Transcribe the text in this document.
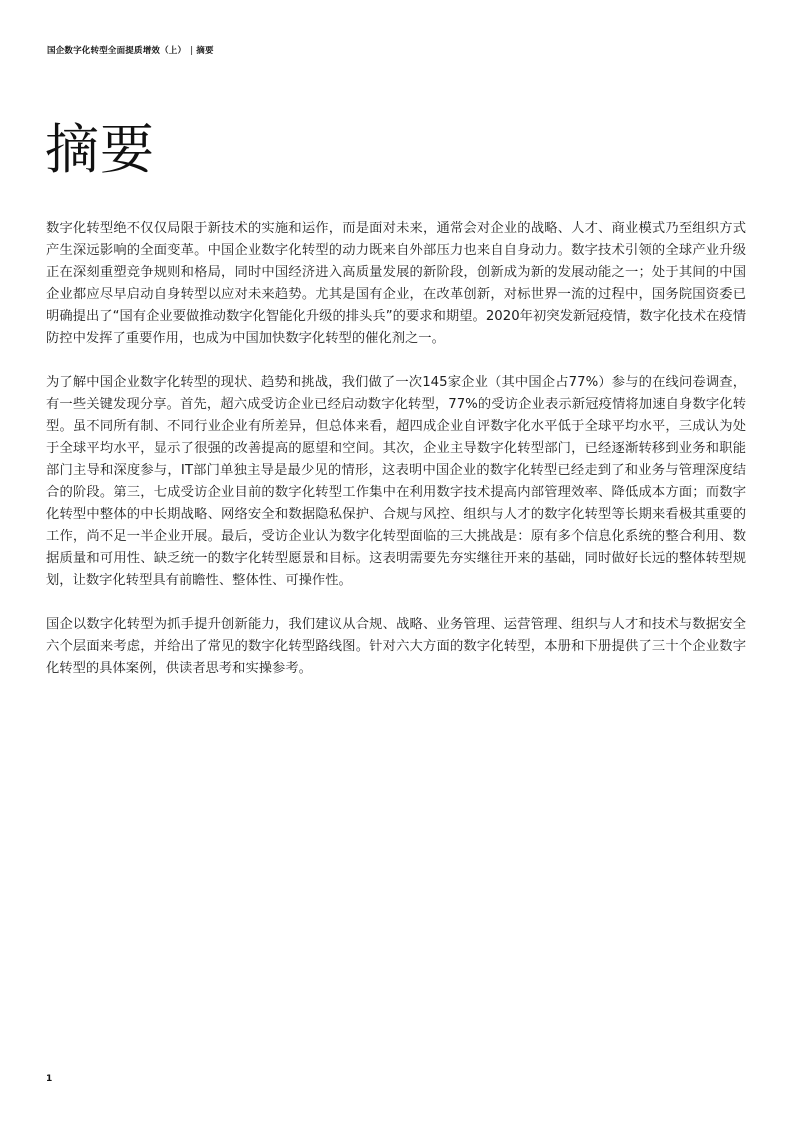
国企数字化转型全面提质增效（上） | 摘要
摘要

数字化转型绝不仅仅局限于新技术的实施和运作，而是面对未来，通常会对企业的战略、人才、商业模式乃至组织方式产生深远影响的全面变革。中国企业数字化转型的动力既来自外部压力也来自自身动力。数字技术引领的全球产业升级正在深刻重塑竞争规则和格局，同时中国经济进入高质量发展的新阶段，创新成为新的发展动能之一；处于其间的中国企业都应尽早启动自身转型以应对未来趋势。尤其是国有企业，在改革创新，对标世界一流的过程中，国务院国资委已明确提出了“国有企业要做推动数字化智能化升级的排头兵”的要求和期望。2020年初突发新冠疫情，数字化技术在疫情防控中发挥了重要作用，也成为中国加快数字化转型的催化剂之一。

为了解中国企业数字化转型的现状、趋势和挑战，我们做了一次145家企业（其中国企占77%）参与的在线问卷调查，有一些关键发现分享。首先，超六成受访企业已经启动数字化转型，77%的受访企业表示新冠疫情将加速自身数字化转型。虽不同所有制、不同行业企业有所差异，但总体来看，超四成企业自评数字化水平低于全球平均水平，三成认为处于全球平均水平，显示了很强的改善提高的愿望和空间。其次，企业主导数字化转型部门，已经逐渐转移到业务和职能部门主导和深度参与，IT部门单独主导是最少见的情形，这表明中国企业的数字化转型已经走到了和业务与管理深度结合的阶段。第三，七成受访企业目前的数字化转型工作集中在利用数字技术提高内部管理效率、降低成本方面；而数字化转型中整体的中长期战略、网络安全和数据隐私保护、合规与风控、组织与人才的数字化转型等长期来看极其重要的工作，尚不足一半企业开展。最后，受访企业认为数字化转型面临的三大挑战是：原有多个信息化系统的整合利用、数据质量和可用性、缺乏统一的数字化转型愿景和目标。这表明需要先夯实继往开来的基础，同时做好长远的整体转型规划，让数字化转型具有前瞻性、整体性、可操作性。

国企以数字化转型为抓手提升创新能力，我们建议从合规、战略、业务管理、运营管理、组织与人才和技术与数据安全六个层面来考虑，并给出了常见的数字化转型路线图。针对六大方面的数字化转型，本册和下册提供了三十个企业数字化转型的具体案例，供读者思考和实操参考。

1
